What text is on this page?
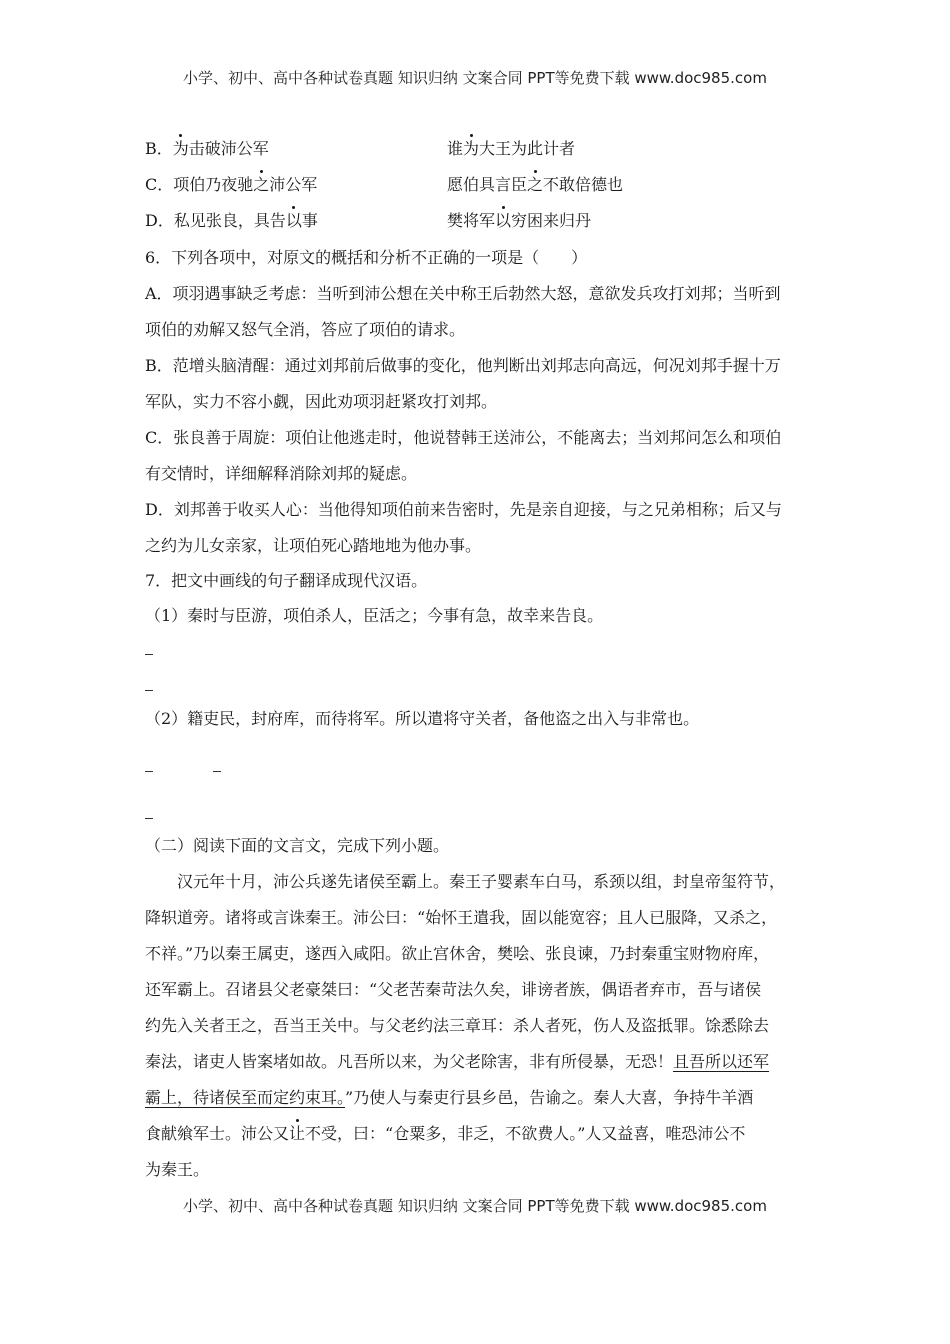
小学、初中、高中各种试卷真题 知识归纳 文案合同 PPT等免费下载 www.doc985.com
B．为击破沛公军	谁为大王为此计者
C．项伯乃夜驰之沛公军	愿伯具言臣之不敢倍德也
D．私见张良，具告以事	樊将军以穷困来归丹
6．下列各项中，对原文的概括和分析不正确的一项是（　　）
A．项羽遇事缺乏考虑：当听到沛公想在关中称王后勃然大怒，意欲发兵攻打刘邦；当听到
项伯的劝解又怒气全消，答应了项伯的请求。
B．范增头脑清醒：通过刘邦前后做事的变化，他判断出刘邦志向高远，何况刘邦手握十万
军队，实力不容小觑，因此劝项羽赶紧攻打刘邦。
C．张良善于周旋：项伯让他逃走时，他说替韩王送沛公，不能离去；当刘邦问怎么和项伯
有交情时，详细解释消除刘邦的疑虑。
D．刘邦善于收买人心：当他得知项伯前来告密时，先是亲自迎接，与之兄弟相称；后又与
之约为儿女亲家，让项伯死心踏地地为他办事。
7．把文中画线的句子翻译成现代汉语。
（1）秦时与臣游，项伯杀人，臣活之；今事有急，故幸来告良。
（2）籍吏民，封府库，而待将军。所以遣将守关者，备他盗之出入与非常也。
（二）阅读下面的文言文，完成下列小题。
汉元年十月，沛公兵遂先诸侯至霸上。秦王子婴素车白马，系颈以组，封皇帝玺符节，
降轵道旁。诸将或言诛秦王。沛公曰：“始怀王遣我，固以能宽容；且人已服降，又杀之，
不祥。”乃以秦王属吏，遂西入咸阳。欲止宫休舍，樊哙、张良谏，乃封秦重宝财物府库，
还军霸上。召诸县父老豪桀曰：“父老苦秦苛法久矣，诽谤者族，偶语者弃市，吾与诸侯
约先入关者王之，吾当王关中。与父老约法三章耳：杀人者死，伤人及盗抵罪。馀悉除去
秦法，诸吏人皆案堵如故。凡吾所以来，为父老除害，非有所侵暴，无恐！且吾所以还军
霸上，待诸侯至而定约束耳。”乃使人与秦吏行县乡邑，告谕之。秦人大喜，争持牛羊酒
食献飨军士。沛公又让不受，曰：“仓粟多，非乏，不欲费人。”人又益喜，唯恐沛公不
为秦王。
小学、初中、高中各种试卷真题 知识归纳 文案合同 PPT等免费下载 www.doc985.com
